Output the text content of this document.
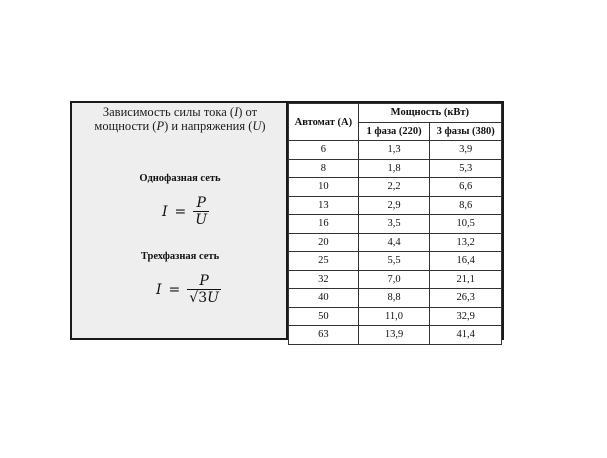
Зависимость силы тока (I) от
мощности (P) и напряжения (U)
Однофазная сеть
$I = \frac{P}{U}$
Трехфазная сеть
$I = \frac{P}{√3U}$
Автомат (А)	Мощность (кВт)	
	1 фаза (220)	3 фазы (380)
6	1,3	3,9
8	1,8	5,3
10	2,2	6,6
13	2,9	8,6
16	3,5	10,5
20	4,4	13,2
25	5,5	16,4
32	7,0	21,1
40	8,8	26,3
50	11,0	32,9
63	13,9	41,4
